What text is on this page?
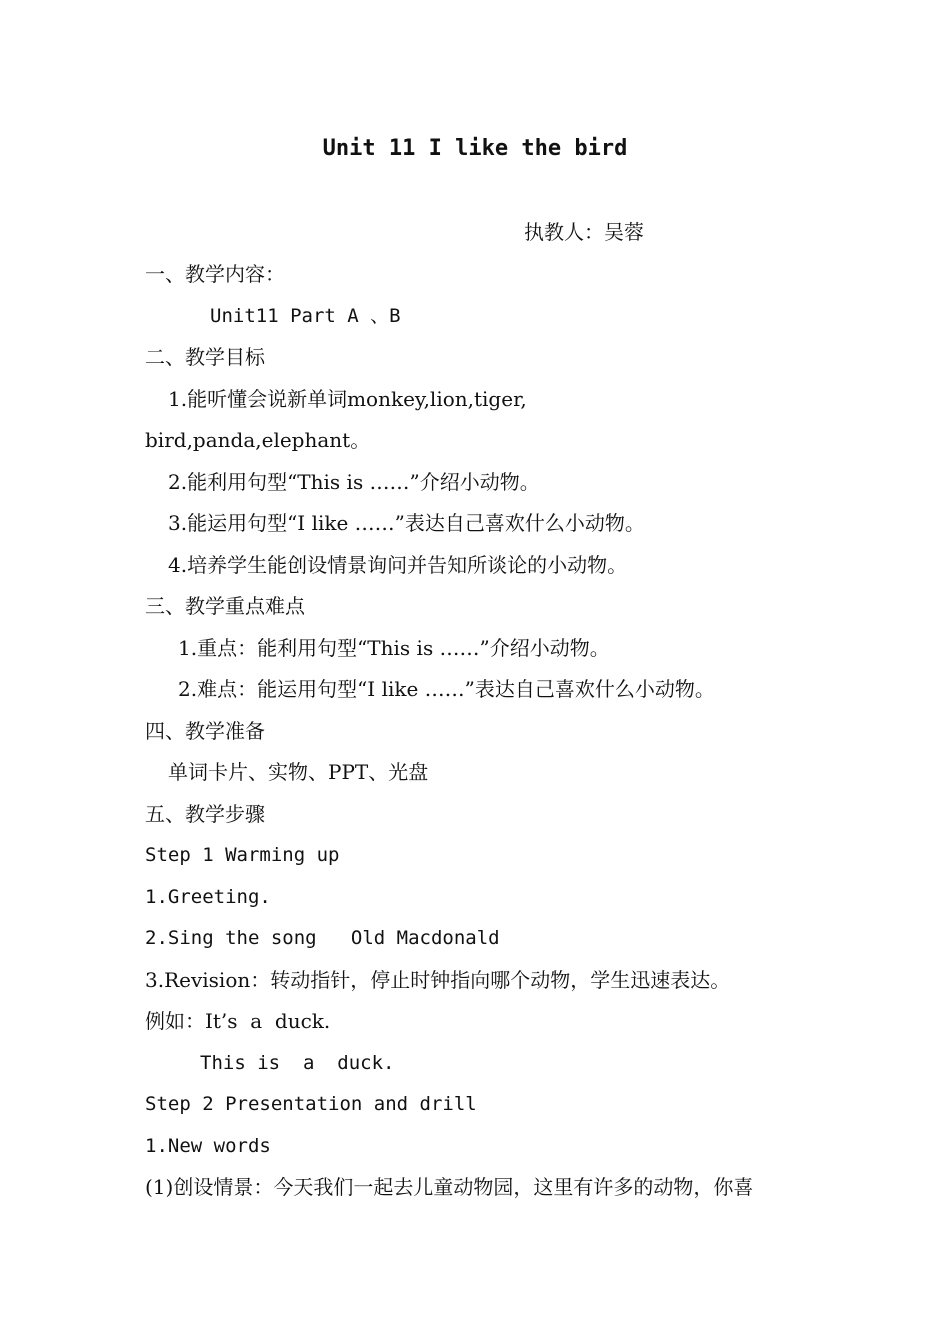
Unit 11 I like the bird
执教人：吴蓉
一、教学内容：
Unit11 Part A 、B
二、教学目标
1.能听懂会说新单词monkey,lion,tiger,
bird,panda,elephant。
2.能利用句型“This is ……”介绍小动物。
3.能运用句型“I like ……”表达自己喜欢什么小动物。
4.培养学生能创设情景询问并告知所谈论的小动物。
三、教学重点难点
1.重点：能利用句型“This is ……”介绍小动物。
2.难点：能运用句型“I like ……”表达自己喜欢什么小动物。
四、教学准备
单词卡片、实物、PPT、光盘
五、教学步骤
Step 1 Warming up
1.Greeting.
2.Sing the song   Old Macdonald
3.Revision：转动指针，停止时钟指向哪个动物，学生迅速表达。
例如：It’s  a  duck.
This is  a  duck.
Step 2 Presentation and drill
1.New words
(1)创设情景：今天我们一起去儿童动物园，这里有许多的动物，你喜
